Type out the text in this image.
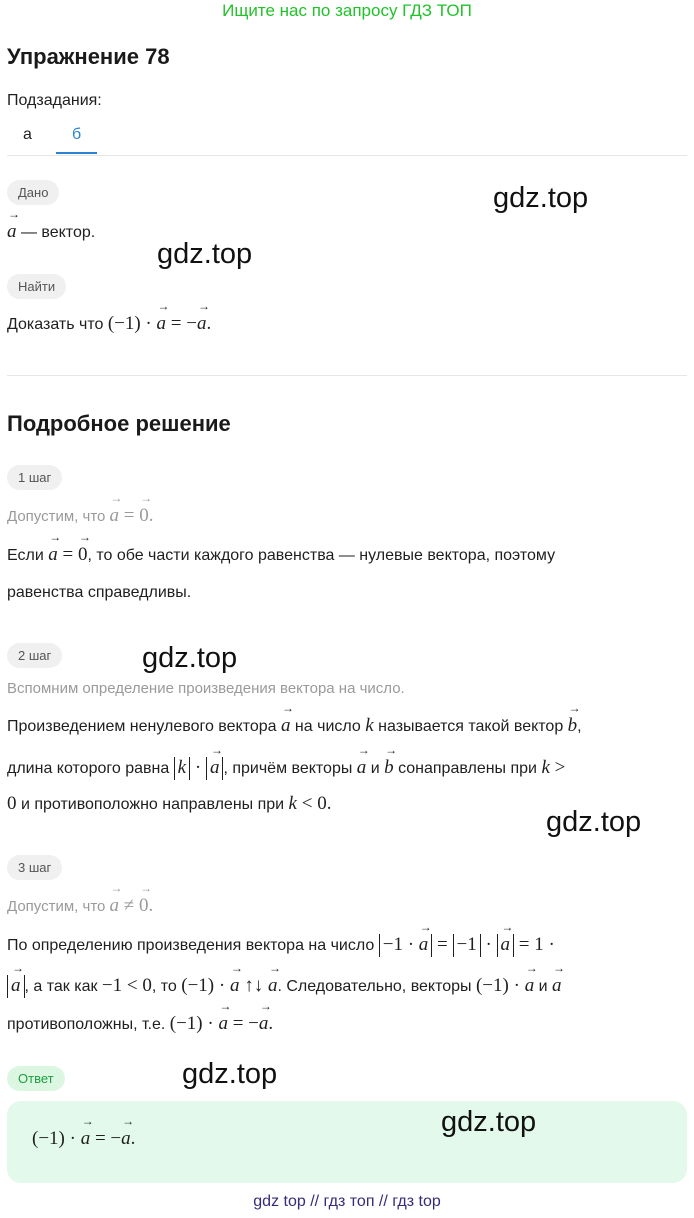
Ищите нас по запросу ГДЗ ТОП
Упражнение 78
Подзадания:
а	б
Дано
→ a — вектор.
Найти
Доказать что (−1) · → a = −→ a.
Подробное решение
1 шаг
Допустим, что → a = → 0.
Если → a = → 0, то обе части каждого равенства — нулевые вектора, поэтому
равенства справедливы.
2 шаг
Вспомним определение произведения вектора на число.
Произведением ненулевого вектора → a на число k называется такой вектор → b,
длина которого равна k · → a , причём векторы → a и → b сонаправлены при k >
0 и противоположно направлены при k < 0.
3 шаг
Допустим, что → a ≠ → 0.
По определению произведения вектора на число −1 · → a = −1 · → a = 1 ·
→ a , а так как −1 < 0, то (−1) · → a ↑↓ → a. Следовательно, векторы (−1) · → a и → a
противоположны, т.е. (−1) · → a = −→ a.
Ответ
(−1) · → a = −→ a.
gdz.top
gdz.top
gdz.top
gdz.top
gdz.top
gdz.top
gdz top // гдз топ // гдз top
